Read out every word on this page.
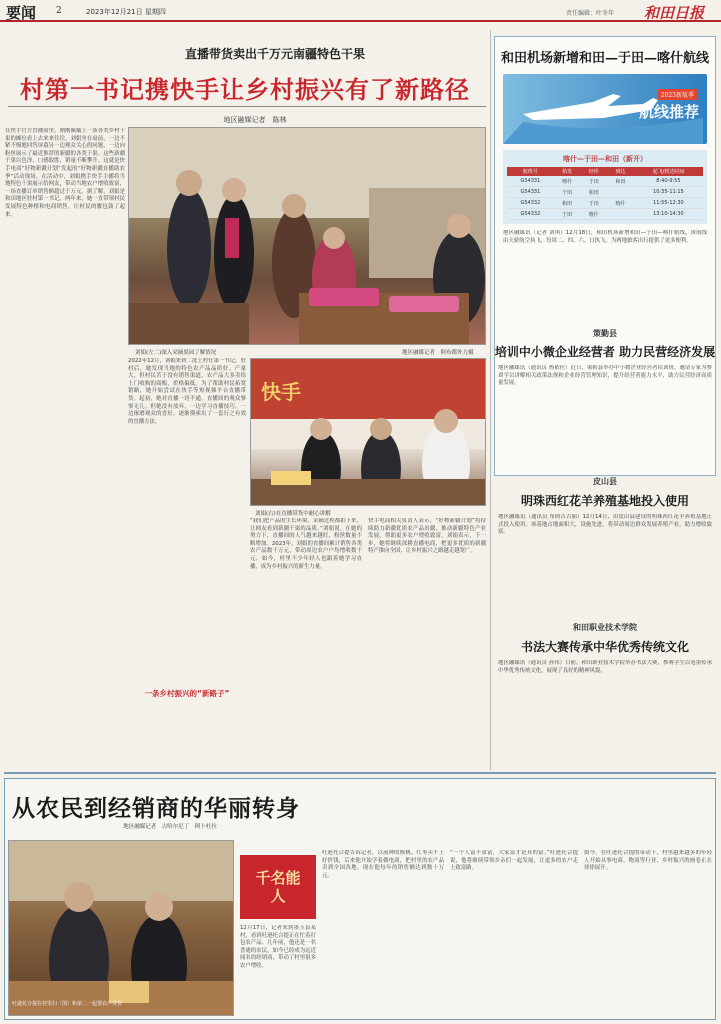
要闻 2	2023年12月21日 星期四	责任编辑：叶冬年 和田日报
直播带货卖出千万元南疆特色干果
村第一书记携快手让乡村振兴有了新路径
地区融媒记者　陈林
在快手官方直播间里，刚刚佩戴上一条各类乡村干果的摊位看上去来来往往，刘娟坐在桌前，一边不紧不慢地回答屏幕另一边观众关心的问题，一边向粉丝展示了最近推荐的新疆的各类干果。这些新疆干果以色泽、口感取胜，销量不断攀升。这就是快手电商“好物新疆计划”发起的“好物新疆直播助农季”活动现场。在活动中，刘娟携手快手主播将当地特色干果展示给网友，带动当地农户增收致富，一场直播订单销售额超过千万元。据了解，刘娟是和田地区驻村第一书记，两年来，她一直带领村民发展特色种植和电商销售，让村民的腰包鼓了起来。
刘娟(左二)深入采摘果园了解情况	地区融媒记者　阿布都外力摄
2022年12月，刘娟来到二洗土村任第一书记，驻村后，她发现当地的特色农产品品质好、产量大，但村民苦于没有销售渠道，农产品大多卖给上门收购的商贩，价格偏低。为了帮助村民拓宽销路，她开始尝试在快手等短视频平台直播带货。起初，她对直播一窍不通，直播间的观众寥寥无几。但她没有放弃，一边学习直播技巧，一边琢磨观众的喜好，逐渐摸索出了一套行之有效的直播方法。
一条乡村振兴的“新路子”
快手
刘娟(右)在直播带货中耐心讲解
“我们把产品的生长环境、采摘过程都拍下来，让网友看到新疆干果的品质。”刘娟说。在她的努力下，直播间的人气越来越旺，粉丝数量不断增加。2023年，刘娟的直播间累计销售各类农产品数千万元，带动周边农户户均增收数千元。如今，村里不少年轻人也跟着她学习直播，成为乡村振兴的新生力量。
快手电商相关负责人表示，“好物新疆计划”将持续助力新疆优质农产品出疆，推动新疆特色产业发展，帮助更多农户增收致富。刘娟表示，下一步，她将继续深耕直播电商，把更多优质的新疆特产推向全国，让乡村振兴之路越走越宽广。
和田机场新增和田—于田—喀什航线
2023新航季
航线推荐
喀什—于田—和田（新开）
航班号	始发	经停	到达	起飞/到达时间
G54331	喀什	于田	和田	8:40-9:55
G54331	于田	和田		10:35-11:15
G54332	和田	于田	喀什	11:55-12:30
G54332	于田	喀什		13:10-14:30
地区融媒讯（记者 刘琪）12月18日，和田机场新增和田—于田—喀什航线，该航线由天骄航空执飞，每周二、四、六、日执飞，为两地旅客出行提供了更多便利。
策勤县
培训中小微企业经营者 助力民营经济发展
地区融媒讯（通讯员 热依拉）近日，策勒县举办中小微企业经营者培训班，邀请专家为参训学员讲解相关政策法规和企业经营管理知识，提升经营者能力水平，助力民营经济高质量发展。
皮山县
明珠西红花羊养殖基地投入使用
地区融媒讯（通讯员 布阿吉古丽）12月14日，由皮山县建设的明珠西红花羊养殖基地正式投入使用。该基地占地面积大，设施先进，将带动周边群众发展养殖产业，助力增收致富。
和田职业技术学院
书法大赛传承中华优秀传统文化
地区融媒讯（通讯员 孙伟）日前，和田职业技术学院举办书法大赛，参赛学生以笔墨传承中华优秀传统文化，展现了良好的精神风貌。
从农民到经销商的华丽转身
地区融媒记者　古哈尔尼丁　阿卜杜拉
吐逊托合提在村里扫（图）和第二一起帮农户发货
千名能人
12月17日，记者来到墨玉县某村，看到吐逊托合提正在忙着打包农产品。几年前，他还是一名普通的农民，如今已经成为远近闻名的经销商，带动了村里很多农户增收。
吐逊托合提告诉记者，以前种的核桃、红枣卖不上好价钱，后来他开始学着做电商，把村里的农产品卖到全国各地。现在他每年的销售额达到数十万元。
“一个人富不算富，大家富才是真的富。”吐逊托合提说，他将继续带领乡亲们一起发展，让更多的农户走上致富路。
如今，在吐逊托合提的带动下，村里越来越多的年轻人开始从事电商、物流等行业，乡村振兴的画卷正在徐徐展开。
